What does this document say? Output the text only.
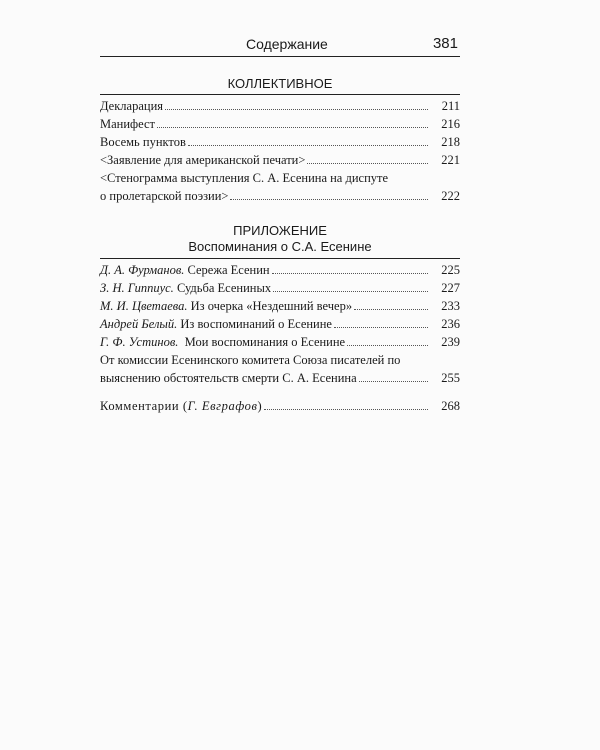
Содержание	381
КОЛЛЕКТИВНОЕ
Декларация	211
Манифест	216
Восемь пунктов	218
<Заявление для американской печати>	221
<Стенограмма выступления С. А. Есенина на диспуте
о пролетарской поэзии>	222
ПРИЛОЖЕНИЕ
Воспоминания о С.А. Есенине
Д. А. Фурманов. Сережа Есенин	225
З. Н. Гиппиус. Судьба Есениных	227
М. И. Цветаева. Из очерка «Нездешний вечер»	233
Андрей Белый. Из воспоминаний о Есенине	236
Г. Ф. Устинов.  Мои воспоминания о Есенине	239
От комиссии Есенинского комитета Союза писателей по
выяснению обстоятельств смерти С. А. Есенина	255
Комментарии (Г. Евграфов)	268
